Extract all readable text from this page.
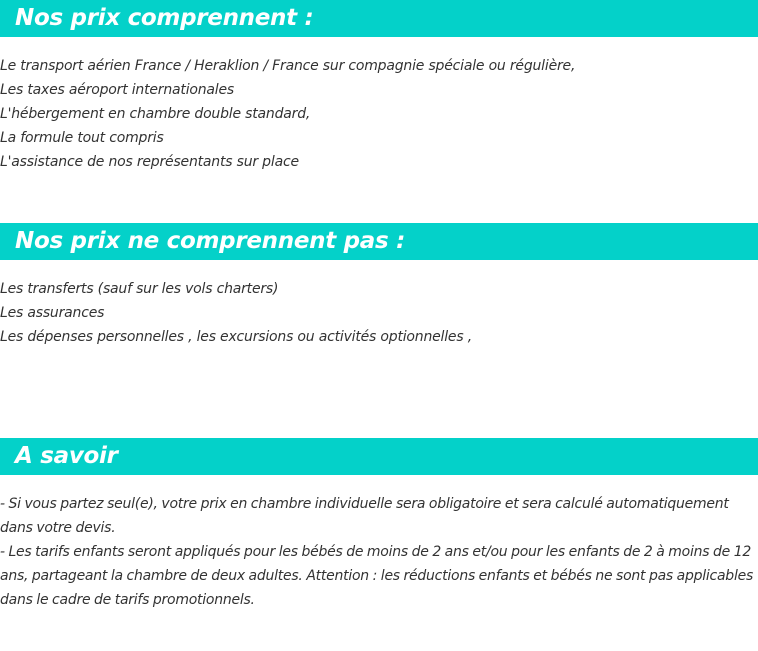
Nos prix comprennent :
Le transport aérien France / Heraklion / France sur compagnie spéciale ou régulière,
Les taxes aéroport internationales
L'hébergement en chambre double standard,
La formule tout compris
L'assistance de nos représentants sur place
Nos prix ne comprennent pas :
Les transferts (sauf sur les vols charters)
Les assurances
Les dépenses personnelles , les excursions ou activités optionnelles ,
A savoir
- Si vous partez seul(e), votre prix en chambre individuelle sera obligatoire et sera calculé automatiquement dans votre devis.
- Les tarifs enfants seront appliqués pour les bébés de moins de 2 ans et/ou pour les enfants de 2 à moins de 12 ans, partageant la chambre de deux adultes. Attention : les réductions enfants et bébés ne sont pas applicables dans le cadre de tarifs promotionnels.
